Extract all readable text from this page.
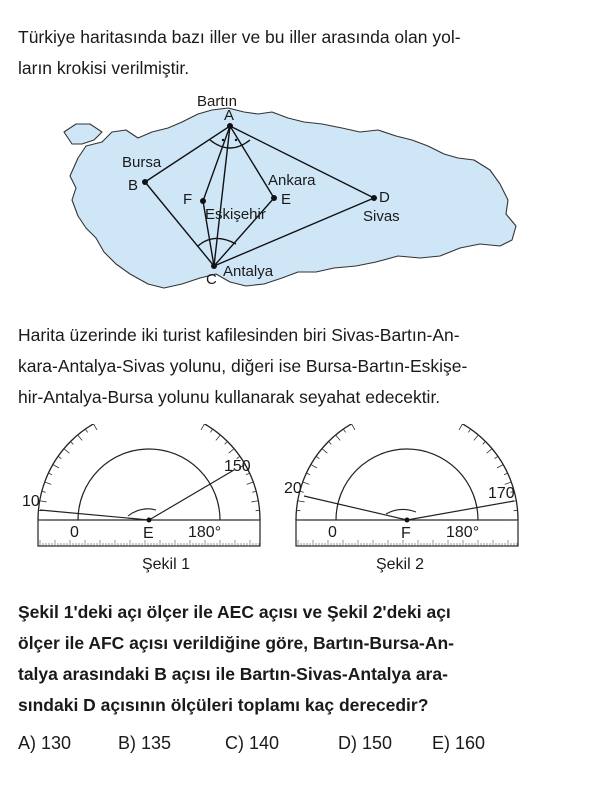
Türkiye haritasında bazı iller ve bu iller arasında olan yol-
ların krokisi verilmiştir.

Bartın
A
Bursa
B
F
Eskişehir
Ankara
E	D
Sivas
C Antalya

Harita üzerinde iki turist kafilesinden biri Sivas-Bartın-An-
kara-Antalya-Sivas yolunu, diğeri ise Bursa-Bartın-Eskişe-
hir-Antalya-Bursa yolunu kullanarak seyahat edecektir.

10
150
0	E 180°
Şekil 1
20	170
0	F 180°
Şekil 2

Şekil 1'deki açı ölçer ile AEC açısı ve Şekil 2'deki açı
ölçer ile AFC açısı verildiğine göre, Bartın-Bursa-An-
talya arasındaki B açısı ile Bartın-Sivas-Antalya ara-
sındaki D açısının ölçüleri toplamı kaç derecedir?

A) 130	B) 135	C) 140	D) 150 E) 160
